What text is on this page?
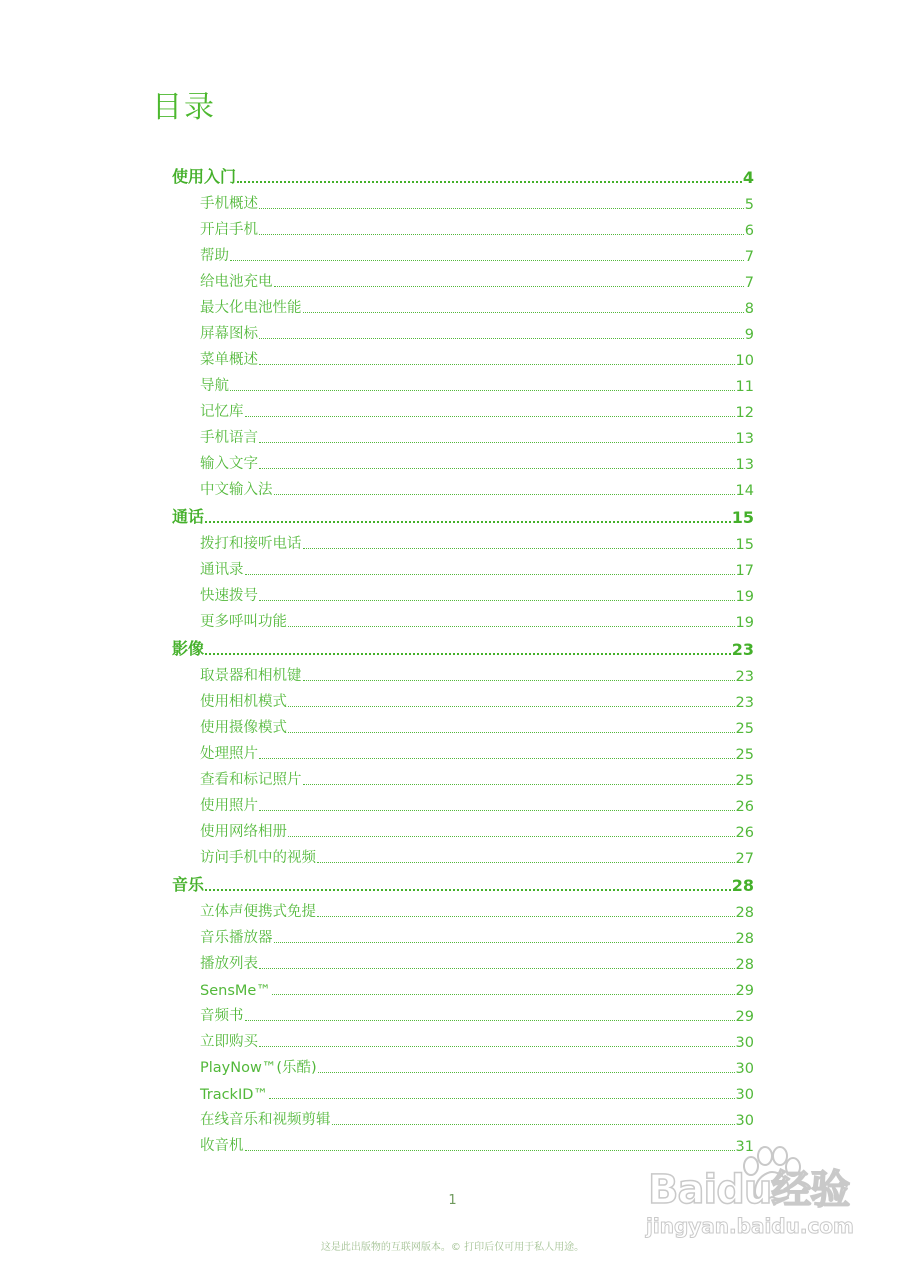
目录
使用入门	4
手机概述	5
开启手机	6
帮助	7
给电池充电	7
最大化电池性能	8
屏幕图标	9
菜单概述	10
导航	11
记忆库	12
手机语言	13
输入文字	13
中文输入法	14
通话	15
拨打和接听电话	15
通讯录	17
快速拨号	19
更多呼叫功能	19
影像	23
取景器和相机键	23
使用相机模式	23
使用摄像模式	25
处理照片	25
查看和标记照片	25
使用照片	26
使用网络相册	26
访问手机中的视频	27
音乐	28
立体声便携式免提	28
音乐播放器	28
播放列表	28
SensMe™	29
音频书	29
立即购买	30
PlayNow™(乐酷)	30
TrackID™	30
在线音乐和视频剪辑	30
收音机	31
1
这是此出版物的互联网版本。© 打印后仅可用于私人用途。
Baidu经验
jingyan.baidu.com
